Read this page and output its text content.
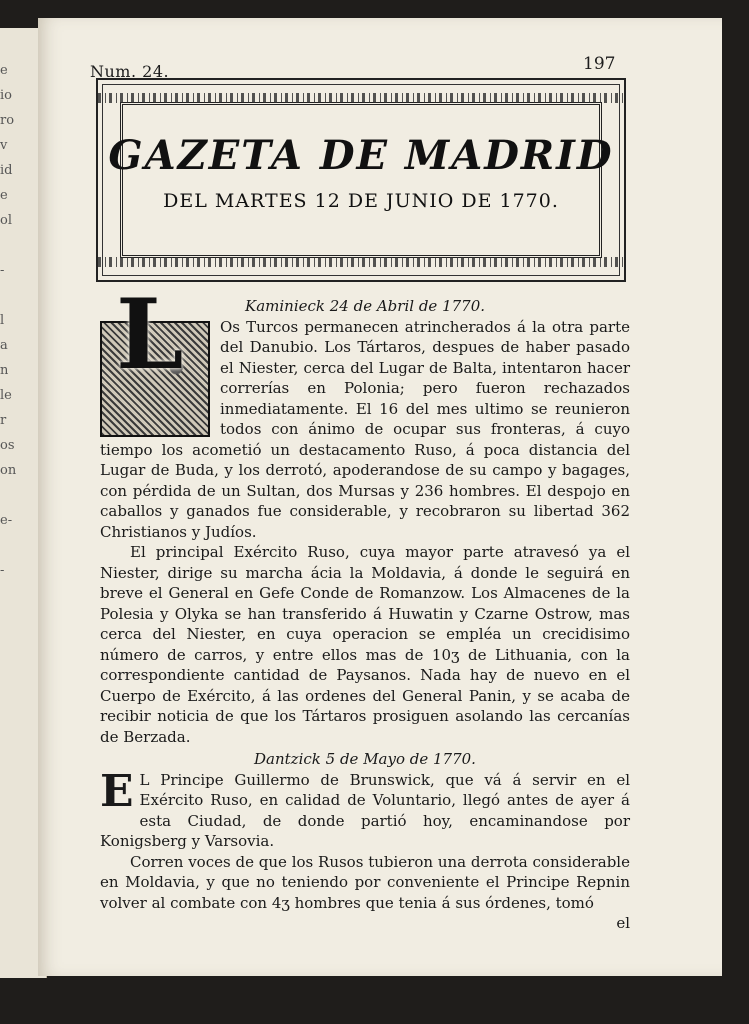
e
io
ro
v
id
e
ol

-

l
a
n
le
r
os
on

e-

-

Num. 24.	197
GAZETA DE MADRID
DEL MARTES 12 DE JUNIO DE 1770.

Kaminieck 24 de Abril de 1770.

L	Os Turcos permanecen atrincherados á la otra parte del Danubio. Los Tártaros, despues de haber pasado el Niester, cerca del Lugar de Balta, intentaron hacer correrías en Polonia; pero fueron rechazados inmediatamente. El 16 del mes ultimo se reunieron todos con ánimo de ocupar sus fronteras, á cuyo tiempo los acometió un destacamento Ruso, á poca distancia del Lugar de Buda, y los derrotó, apoderandose de su campo y bagages, con pérdida de un Sultan, dos Mursas y 236 hombres. El despojo en caballos y ganados fue considerable, y recobraron su libertad 362 Christianos y Judíos.

El principal Exército Ruso, cuya mayor parte atravesó ya el Niester, dirige su marcha ácia la Moldavia, á donde le seguirá en breve el General en Gefe Conde de Romanzow. Los Almacenes de la Polesia y Olyka se han transferido á Huwatin y Czarne Ostrow, mas cerca del Niester, en cuya operacion se empléa un crecidisimo número de carros, y entre ellos mas de 10ʒ de Lithuania, con la correspondiente cantidad de Paysanos. Nada hay de nuevo en el Cuerpo de Exército, á las ordenes del General Panin, y se acaba de recibir noticia de que los Tártaros prosiguen asolando las cercanías de Berzada.

Dantzick 5 de Mayo de 1770.

E L Principe Guillermo de Brunswick, que vá á servir en el Exército Ruso, en calidad de Voluntario, llegó antes de ayer á esta Ciudad, de donde partió hoy, encaminandose por Konigsberg y Varsovia.

Corren voces de que los Rusos tubieron una derrota considerable en Moldavia, y que no teniendo por conveniente el Principe Repnin volver al combate con 4ʒ hombres que tenia á sus órdenes, tomó

el
